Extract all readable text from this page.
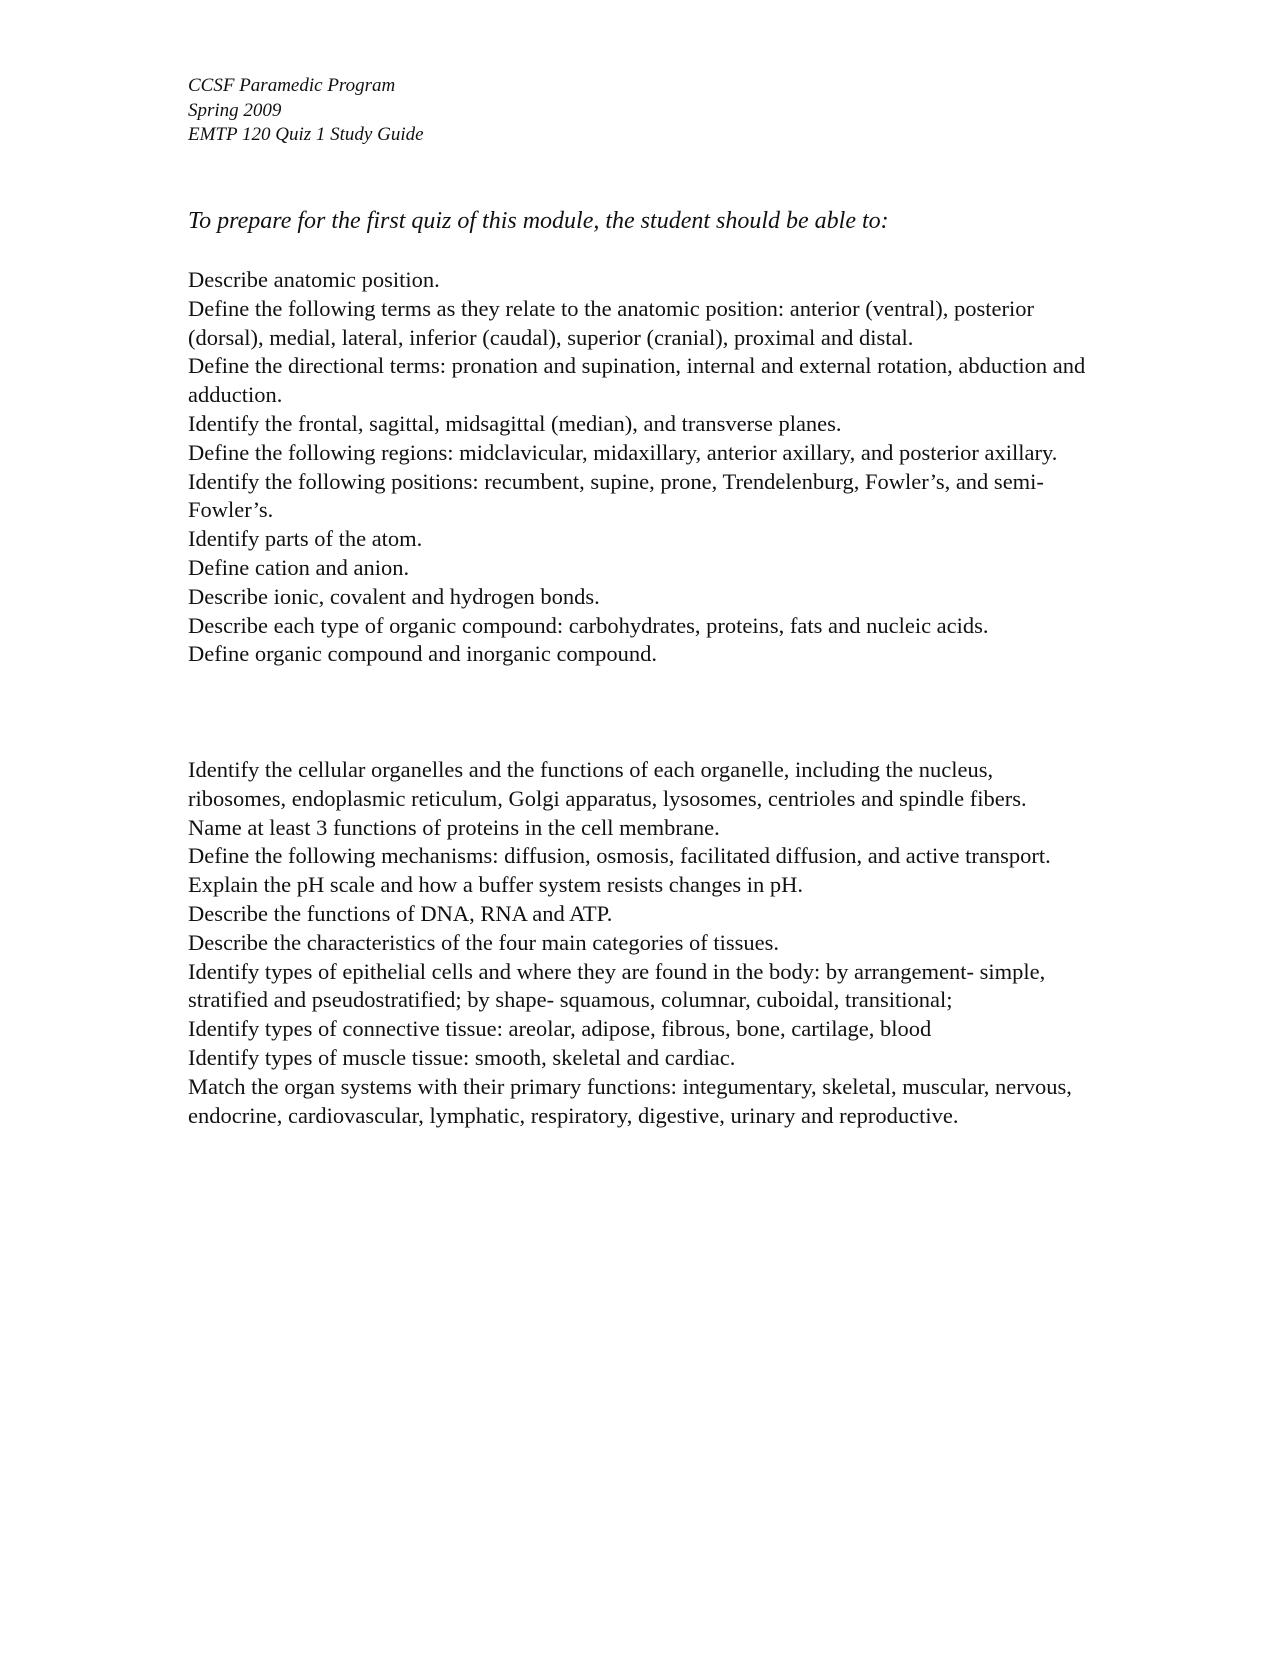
CCSF Paramedic Program
Spring 2009
EMTP 120 Quiz 1 Study Guide
To prepare for the first quiz of this module, the student should be able to:

Describe anatomic position.

Define the following terms as they relate to the anatomic position: anterior (ventral), posterior (dorsal), medial, lateral, inferior (caudal), superior (cranial), proximal and distal.

Define the directional terms: pronation and supination, internal and external rotation, abduction and adduction.

Identify the frontal, sagittal, midsagittal (median), and transverse planes.

Define the following regions: midclavicular, midaxillary, anterior axillary, and posterior axillary.

Identify the following positions: recumbent, supine, prone, Trendelenburg, Fowler’s, and semi-Fowler’s.

Identify parts of the atom.

Define cation and anion.

Describe ionic, covalent and hydrogen bonds.

Describe each type of organic compound: carbohydrates, proteins, fats and nucleic acids.

Define organic compound and inorganic compound.

Identify the cellular organelles and the functions of each organelle, including the nucleus, ribosomes, endoplasmic reticulum, Golgi apparatus, lysosomes, centrioles and spindle fibers.

Name at least 3 functions of proteins in the cell membrane.

Define the following mechanisms: diffusion, osmosis, facilitated diffusion, and active transport.

Explain the pH scale and how a buffer system resists changes in pH.

Describe the functions of DNA, RNA and ATP.

Describe the characteristics of the four main categories of tissues.

Identify types of epithelial cells and where they are found in the body: by arrangement- simple, stratified and pseudostratified; by shape- squamous, columnar, cuboidal, transitional;

Identify types of connective tissue: areolar, adipose, fibrous, bone, cartilage, blood

Identify types of muscle tissue: smooth, skeletal and cardiac.

Match the organ systems with their primary functions: integumentary, skeletal, muscular, nervous, endocrine, cardiovascular, lymphatic, respiratory, digestive, urinary and reproductive.
